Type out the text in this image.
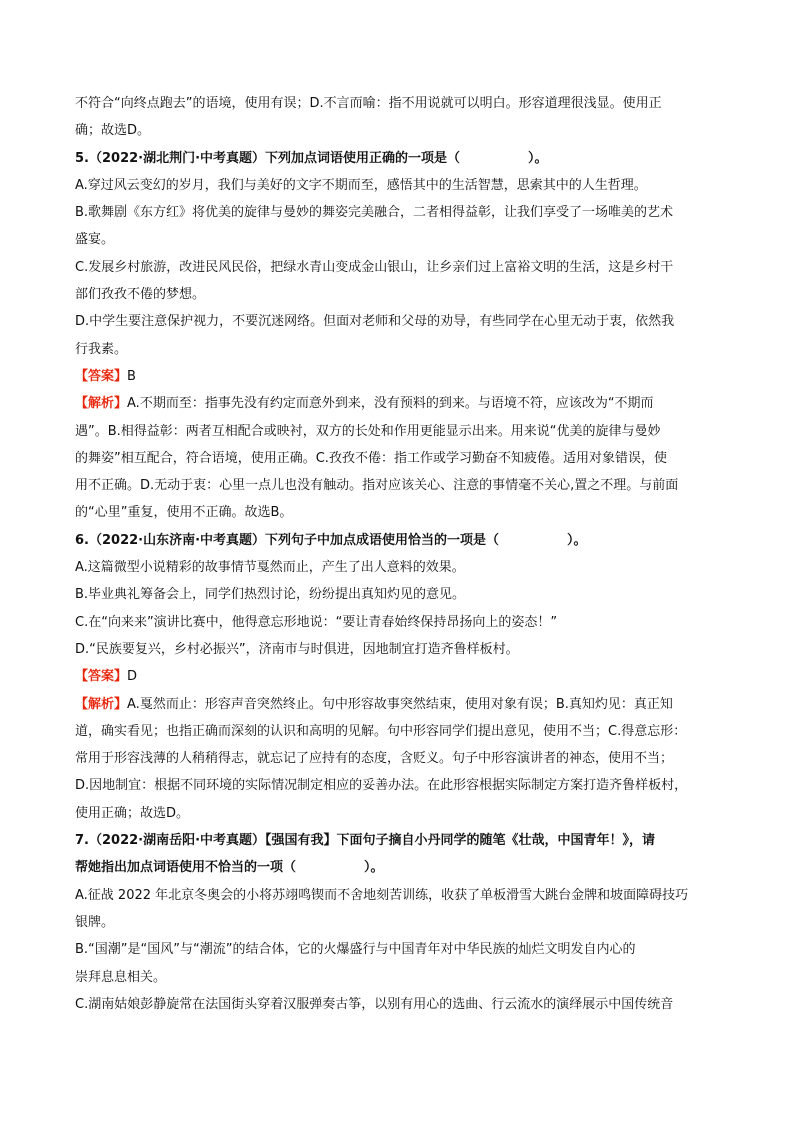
不符合“向终点跑去”的语境，使用有误；D.不言而喻：指不用说就可以明白。形容道理很浅显。使用正

确；故选D。

5.（2022·湖北荆门·中考真题）下列加点词语使用正确的一项是（	）。

A.穿过风云变幻的岁月，我们与美好的文字不期而至，感悟其中的生活智慧，思索其中的人生哲理。

B.歌舞剧《东方红》将优美的旋律与曼妙的舞姿完美融合，二者相得益彰，让我们享受了一场唯美的艺术

盛宴。

C.发展乡村旅游，改进民风民俗，把绿水青山变成金山银山，让乡亲们过上富裕文明的生活，这是乡村干

部们孜孜不倦的梦想。

D.中学生要注意保护视力，不要沉迷网络。但面对老师和父母的劝导，有些同学在心里无动于衷，依然我

行我素。

【答案】B

【解析】A.不期而至：指事先没有约定而意外到来，没有预料的到来。与语境不符，应该改为“不期而

遇”。B.相得益彰：两者互相配合或映衬，双方的长处和作用更能显示出来。用来说“优美的旋律与曼妙

的舞姿”相互配合，符合语境，使用正确。C.孜孜不倦：指工作或学习勤奋不知疲倦。适用对象错误，使

用不正确。D.无动于衷：心里一点儿也没有触动。指对应该关心、注意的事情毫不关心,置之不理。与前面

的“心里”重复，使用不正确。故选B。

6.（2022·山东济南·中考真题）下列句子中加点成语使用恰当的一项是（	）。

A.这篇微型小说精彩的故事情节戛然而止，产生了出人意料的效果。

B.毕业典礼筹备会上，同学们热烈讨论，纷纷提出真知灼见的意见。

C.在“向来来”演讲比赛中，他得意忘形地说：“要让青春始终保持昂扬向上的姿态！”

D.“民族要复兴，乡村必振兴”，济南市与时俱进，因地制宜打造齐鲁样板村。

【答案】D

【解析】A.戛然而止：形容声音突然终止。句中形容故事突然结束，使用对象有误；B.真知灼见：真正知

道，确实看见；也指正确而深刻的认识和高明的见解。句中形容同学们提出意见，使用不当；C.得意忘形：

常用于形容浅薄的人稍稍得志，就忘记了应持有的态度，含贬义。句子中形容演讲者的神态，使用不当；

D.因地制宜：根据不同环境的实际情况制定相应的妥善办法。在此形容根据实际制定方案打造齐鲁样板村，

使用正确；故选D。

7.（2022·湖南岳阳·中考真题）【强国有我】下面句子摘自小丹同学的随笔《壮哉，中国青年！》，请

帮她指出加点词语使用不恰当的一项（	）。

A.征战 2022 年北京冬奥会的小将苏翊鸣锲而不舍地刻苦训练，收获了单板滑雪大跳台金牌和坡面障碍技巧

银牌。

B.“国潮”是“国风”与“潮流”的结合体，它的火爆盛行与中国青年对中华民族的灿烂文明发自内心的

崇拜息息相关。

C.湖南姑娘彭静旋常在法国街头穿着汉服弹奏古筝，以别有用心的选曲、行云流水的演绎展示中国传统音
